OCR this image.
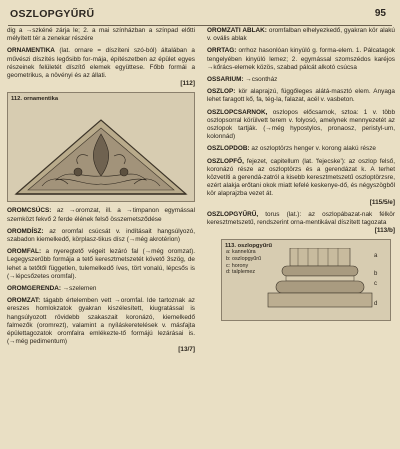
OSZLOPGYŰRŰ	95

dig a →szkéné zárja le; 2. a mai színházban a színpad előtti mélyített tér a zenekar részére

ORNAMENTIKA (lat. ornare = díszíteni szó-ból) általában a művészi díszítés legősibb for-mája, építészetben az épület egyes részeinek felületét díszítő elemek együttese. Főbb formái a geometrikus, a növényi és az állati.
[112]

112. ornamentika

OROMCSÚCS: az →oromzat, ill. a →timpanon egymással szemközt fekvő 2 ferde élének felső összemetsződése

OROMDÍSZ: az oromfal csúcsát v. indításait hangsúlyozó, szabadon kiemelkedő, körplasz-tikus dísz (→még akrotérion)

OROMFAL: a nyeregtető végeit lezáró fal (→még oromzat). Legegyszerűbb formája a tető keresztmetszetét követő 3szög, de lehet a tetőtől független, tulemelkedő íves, tört vonalú, lépcsős is (→lépcsőzetes oromfal).

OROMGERENDA: →szelemen

OROMZAT: tágabb értelemben vett →oromfal. Ide tartoznak az ereszes homlokzatok gyakran kiszélesített, kiugratással is hangsúlyozott rövidebb szakaszait koronázó, kiemelkedő falmezők (oromrezt), valamint a nyíláskeretelések v. másfajta épülettagozatok oromfalra emlékezte-tő formájú lezárásai is. (→még pedimentum)
[13/7]

OROMZATI ABLAK: oromfalban elhelyezkedő, gyakran kör alakú v. ovális ablak

ORRTAG: orrhoz hasonlóan kinyúló g. forma-elem. 1. Pálcatagok tengelyében kinyúló lemez; 2. egymással szomszédos karéjos →kőrács-elemek közös, szabad pálcát alkotó csúcsa

OSSARIUM: →csontház

OSZLOP: kör alaprajzú, függőleges alátá-masztó elem. Anyaga lehet faragott kő, fa, tég-la, falazat, acél v. vasbeton.

OSZLOPCSARNOK, oszlopos előcsarnok, sztoa: 1 v. több oszlopsorral körülvett terem v. folyosó, amelynek mennyezetét az oszlopok tartják. (→még hypostylos, pronaosz, peristyl-um, kolonnád)

OSZLOPDOB: az oszloptörzs henger v. korong alakú része

OSZLOPFŐ, fejezet, capitellum (lat. 'fejecske'): az oszlop felső, koronázó része az oszloptörzs és a gerendázat k. A terhet közvetíti a gerendá-zatról a kisebb keresztmetszetű oszloptörzsre, ezért alakja erőtani okok miatt lefelé keskenye-dő, és négyszögből kör alaprajzba vezet át.
[115/5/e]

OSZLOPGYŰRŰ, torus (lat.): az oszlopábazat-nak félkör keresztmetszetű, rendszerint orna-mentikával díszített tagozata
[113/b]

113. oszlopgyűrű
a: kannelúra
b: oszlopgyűrű
c: horony
d: talplemez
a
b
c
d
